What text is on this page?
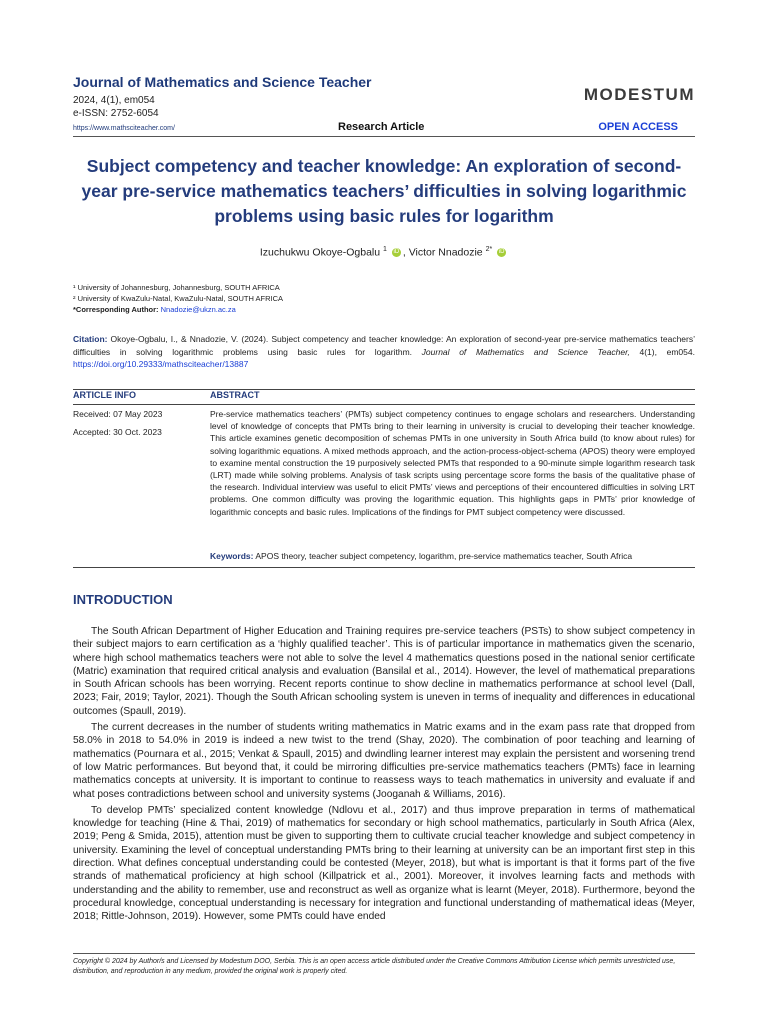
Journal of Mathematics and Science Teacher
2024, 4(1), em054
e-ISSN: 2752-6054
https://www.mathsciteacher.com/
MODESTUM
Research Article	OPEN ACCESS
Subject competency and teacher knowledge: An exploration of second-year pre-service mathematics teachers’ difficulties in solving logarithmic problems using basic rules for logarithm
Izuchukwu Okoye-Ogbalu $^1$ iD , Victor Nnadozie $^{2*}$ iD
¹ University of Johannesburg, Johannesburg, SOUTH AFRICA
² University of KwaZulu-Natal, KwaZulu-Natal, SOUTH AFRICA
*Corresponding Author: Nnadozie@ukzn.ac.za
Citation: Okoye-Ogbalu, I., & Nnadozie, V. (2024). Subject competency and teacher knowledge: An exploration of second-year pre-service mathematics teachers’ difficulties in solving logarithmic problems using basic rules for logarithm. Journal of Mathematics and Science Teacher, 4(1), em054. https://doi.org/10.29333/mathsciteacher/13887
ARTICLE INFO	ABSTRACT
Received: 07 May 2023
Accepted: 30 Oct. 2023
Pre-service mathematics teachers’ (PMTs) subject competency continues to engage scholars and researchers. Understanding level of knowledge of concepts that PMTs bring to their learning in university is crucial to developing their teacher knowledge. This article examines genetic decomposition of schemas PMTs in one university in South Africa build (to know about rules) for solving logarithmic equations. A mixed methods approach, and the action-process-object-schema (APOS) theory were employed to examine mental construction the 19 purposively selected PMTs that responded to a 90-minute simple logarithm research task (LRT) made while solving problems. Analysis of task scripts using percentage score forms the basis of the qualitative phase of the research. Individual interview was useful to elicit PMTs’ views and perceptions of their encountered difficulties in solving LRT problems. One common difficulty was proving the logarithmic equation. This highlights gaps in PMTs’ prior knowledge of logarithmic concepts and basic rules. Implications of the findings for PMT subject competency were discussed.
Keywords: APOS theory, teacher subject competency, logarithm, pre-service mathematics teacher, South Africa
INTRODUCTION

The South African Department of Higher Education and Training requires pre-service teachers (PSTs) to show subject competency in their subject majors to earn certification as a ‘highly qualified teacher’. This is of particular importance in mathematics given the scenario, where high school mathematics teachers were not able to solve the level 4 mathematics questions posed in the national senior certificate (Matric) examination that required critical analysis and evaluation (Bansilal et al., 2014). However, the level of mathematical preparations in South African schools has been worrying. Recent reports continue to show decline in mathematics performance at school level (Dall, 2023; Fair, 2019; Taylor, 2021). Though the South African schooling system is uneven in terms of inequality and differences in educational outcomes (Spaull, 2019).

The current decreases in the number of students writing mathematics in Matric exams and in the exam pass rate that dropped from 58.0% in 2018 to 54.0% in 2019 is indeed a new twist to the trend (Shay, 2020). The combination of poor teaching and learning of mathematics (Pournara et al., 2015; Venkat & Spaull, 2015) and dwindling learner interest may explain the persistent and worsening trend of low Matric performances. But beyond that, it could be mirroring difficulties pre-service mathematics teachers (PMTs) face in learning mathematics concepts at university. It is important to continue to reassess ways to teach mathematics in university and evaluate if and what poses contradictions between school and university systems (Jooganah & Williams, 2016).

To develop PMTs’ specialized content knowledge (Ndlovu et al., 2017) and thus improve preparation in terms of mathematical knowledge for teaching (Hine & Thai, 2019) of mathematics for secondary or high school mathematics, particularly in South Africa (Alex, 2019; Peng & Smida, 2015), attention must be given to supporting them to cultivate crucial teacher knowledge and subject competency in university. Examining the level of conceptual understanding PMTs bring to their learning at university can be an important first step in this direction. What defines conceptual understanding could be contested (Meyer, 2018), but what is important is that it forms part of the five strands of mathematical proficiency at high school (Killpatrick et al., 2001). Moreover, it involves learning facts and methods with understanding and the ability to remember, use and reconstruct as well as organize what is learnt (Meyer, 2018). Furthermore, beyond the procedural knowledge, conceptual understanding is necessary for integration and functional understanding of mathematical ideas (Meyer, 2018; Rittle-Johnson, 2019). However, some PMTs could have ended

Copyright © 2024 by Author/s and Licensed by Modestum DOO, Serbia. This is an open access article distributed under the Creative Commons Attribution License which permits unrestricted use, distribution, and reproduction in any medium, provided the original work is properly cited.
